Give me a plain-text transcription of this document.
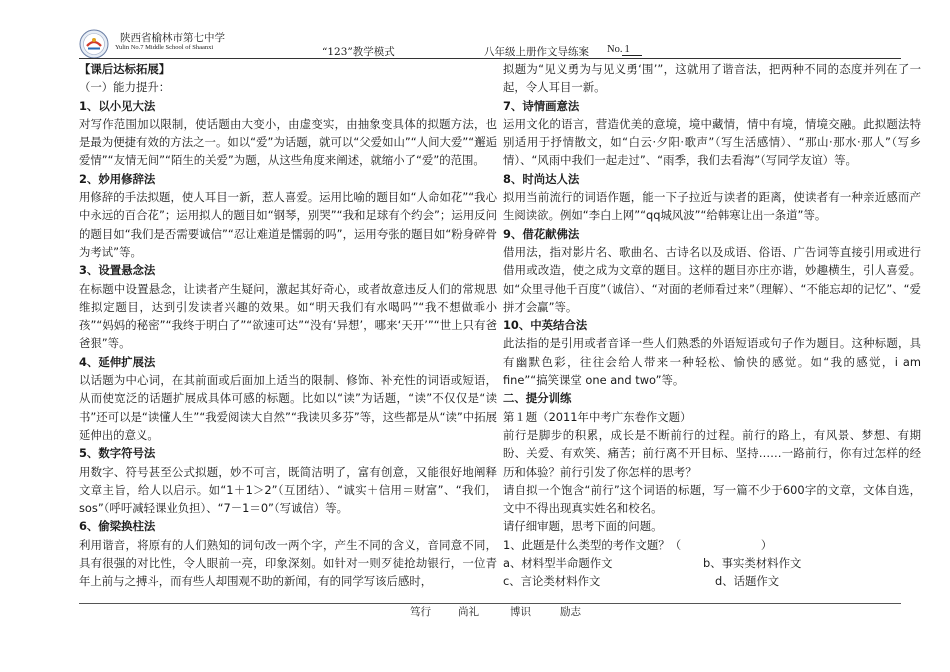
陕西省榆林市第七中学
Yulin No.7 Middle School of Shaanxi	“123”教学模式	八年级上册作文导练案 No. 1

【课后达标拓展】

（一）能力提升：

1、以小见大法

对写作范围加以限制，使话题由大变小，由虚变实，由抽象变具体的拟题方法，也是最为便捷有效的方法之一。如以“爱”为话题，就可以“父爱如山”“人间大爱”“邂逅爱情”“友情无间”“陌生的关爱”为题，从这些角度来阐述，就缩小了“爱”的范围。

2、妙用修辞法

用修辞的手法拟题，使人耳目一新，惹人喜爱。运用比喻的题目如“人命如花”“我心中永远的百合花”；运用拟人的题目如“钢琴，别哭”“我和足球有个约会”；运用反问的题目如“我们是否需要诚信”“忍让难道是懦弱的吗”，运用夸张的题目如“粉身碎骨为考试”等。

3、设置悬念法

在标题中设置悬念，让读者产生疑问，激起其好奇心，或者故意违反人们的常规思维拟定题目，达到引发读者兴趣的效果。如“明天我们有水喝吗”“我不想做乖小孩”“妈妈的秘密”“我终于明白了”“欲速可达”“没有‘异想’，哪来‘天开’”“世上只有爸爸狠”等。

4、延伸扩展法

以话题为中心词，在其前面或后面加上适当的限制、修饰、补充性的词语或短语，从而使宽泛的话题扩展成具体可感的标题。比如以“读”为话题，“读”不仅仅是“读书”还可以是“读懂人生”“我爱阅读大自然”“我读贝多芬”等，这些都是从“读”中拓展延伸出的意义。

5、数字符号法

用数字、符号甚至公式拟题，妙不可言，既简洁明了，富有创意，又能很好地阐释文章主旨，给人以启示。如“1＋1＞2”（互团结）、“诚实＋信用＝财富”、“我们，sos”（呼吁减轻课业负担）、“7－1＝0”（写诚信）等。

6、偷梁换柱法

利用谐音，将原有的人们熟知的词句改一两个字，产生不同的含义，音同意不同，具有很强的对比性，令人眼前一亮，印象深刻。如针对一则歹徒抢劫银行，一位青年上前与之搏斗，而有些人却围观不助的新闻，有的同学写该后感时，

拟题为“见义勇为与见义勇‘围’”，这就用了谐音法，把两种不同的态度并列在了一起，令人耳目一新。

7、诗情画意法

运用文化的语言，营造优美的意境，境中藏情，情中有境，情境交融。此拟题法特别适用于抒情散文，如“白云·夕阳·歌声”（写生活感情）、“那山·那水·那人”（写乡情）、“风雨中我们一起走过”、“雨季，我们去看海”（写同学友谊）等。

8、时尚达人法

拟用当前流行的词语作题，能一下子拉近与读者的距离，使读者有一种亲近感而产生阅读欲。例如“李白上网”“qq城风波”“给韩寒让出一条道”等。

9、借花献佛法

借用法，指对影片名、歌曲名、古诗名以及成语、俗语、广告词等直接引用或进行借用或改造，使之成为文章的题目。这样的题目亦庄亦谐，妙趣横生，引人喜爱。如“众里寻他千百度”（诚信）、“对面的老师看过来”（理解）、“不能忘却的记忆”、“爱拼才会赢”等。

10、中英结合法

此法指的是引用或者音译一些人们熟悉的外语短语或句子作为题目。这种标题，具有幽默色彩，往往会给人带来一种轻松、愉快的感觉。如“我的感觉，i am fine”“搞笑课堂 one and two”等。

二、提分训练

第１题（2011年中考广东卷作文题）

前行是脚步的积累，成长是不断前行的过程。前行的路上，有风景、梦想、有期盼、关爱、有欢笑、痛苦；前行离不开目标、坚持……一路前行，你有过怎样的经历和体验？前行引发了你怎样的思考？

请自拟一个饱含“前行”这个词语的标题，写一篇不少于600字的文章，文体自选，文中不得出现真实姓名和校名。

请仔细审题，思考下面的问题。

1、此题是什么类型的考作文题？（　　　　　　　）

a、材料型半命题作文	b、事实类材料作文
c、言论类材料作文	d、话题作文
笃行	尚礼	博识	励志
